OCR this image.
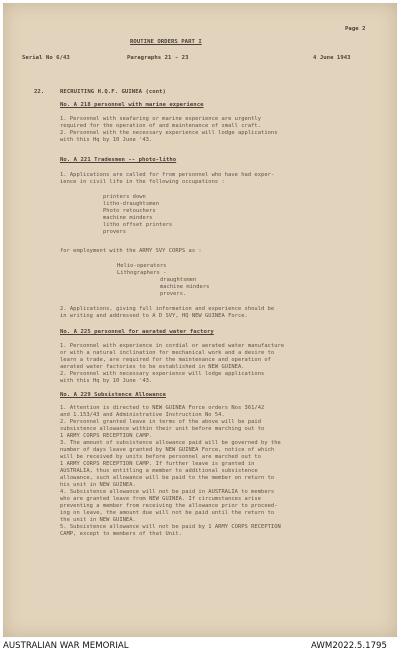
Page 2
ROUTINE ORDERS PART I
Serial No 6/43	Paragraphs 21 - 23	4 June 1943
22.	RECRUITING H.Q.F. GUINEA (cont)
No. A 218 personnel with marine experience
1. Personnel with seafaring or marine experience are urgently
required for the operation of and maintenance of small craft.
2. Personnel with the necessary experience will lodge applications
with this Hq by 10 June '43.
No. A 221 Tradesmen -- photo-litho
1. Applications are called for from personnel who have had exper-
ience in civil life in the following occupations :
printers down
litho-draughtsmen
Photo retouchers
machine minders
litho offset printers
provers
for employment with the ARMY SVY CORPS as :
Helio-operators
Lithographers -
draughtsmen
machine minders
provers.
2. Applications, giving full information and experience should be
in writing and addressed to A D SVY, HQ NEW GUINEA Force.
No. A 225 personnel for aerated water factory
1. Personnel with experience in cordial or aerated water manufacture
or with a natural inclination for mechanical work and a desire to
learn a trade, are required for the maintenance and operation of
aerated water factories to be established in NEW GUINEA.
2. Personnel with necessary experience will lodge applications
with this Hq by 10 June '43.
No. A 229 Subsistence Allowance
1. Attention is directed to NEW GUINEA Force orders Nos 361/42
and 1.153/43 and Administrative Instruction No 54.
2. Personnel granted leave in terms of the above will be paid
subsistence allowance within their unit before marching out to
1 ARMY CORPS RECEPTION CAMP.
3. The amount of subsistence allowance paid will be governed by the
number of days leave granted by NEW GUINEA Force, notice of which
will be received by units before personnel are marched out to
1 ARMY CORPS RECEPTION CAMP. If further leave is granted in
AUSTRALIA, thus entitling a member to additional subsistence
allowance, such allowance will be paid to the member on return to
his unit in NEW GUINEA.
4. Subsistence allowance will not be paid in AUSTRALIA to members
who are granted leave from NEW GUINEA. If circumstances arise
preventing a member from receiving the allowance prior to proceed-
ing on leave, the amount due will not be paid until the return to
the unit in NEW GUINEA.
5. Subsistence allowance will not be paid by 1 ARMY CORPS RECEPTION
CAMP, except to members of that Unit.
AUSTRALIAN WAR MEMORIAL	AWM2022.5.1795
